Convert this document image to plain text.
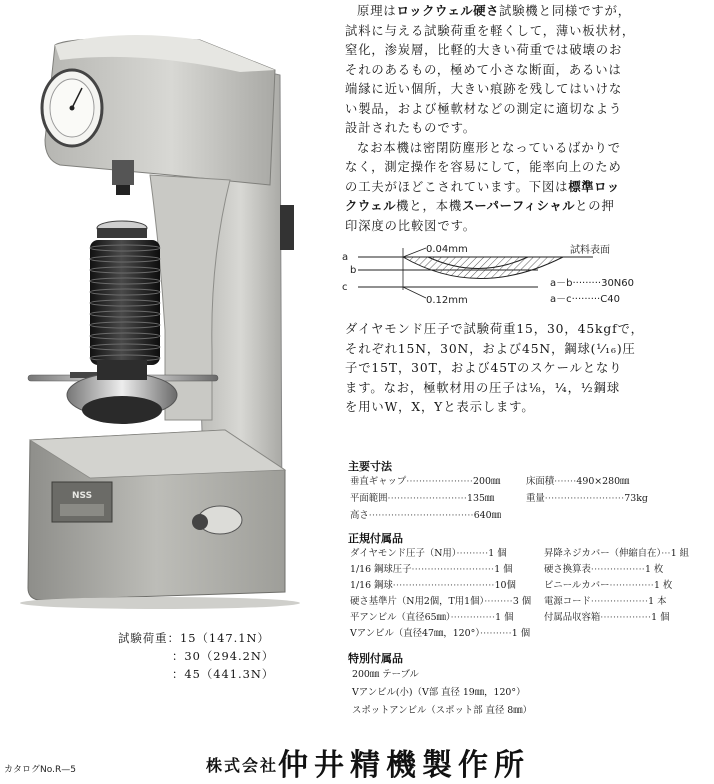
NSS
原理はロックウェル硬さ試験機と同様ですが，
試料に与える試験荷重を軽くして，薄い板状材，
窒化，渗炭層，比軽的大きい荷重では破壊のお
それのあるもの，極めて小さな断面，あるいは
端縁に近い個所，大きい痕跡を残してはいけな
い製品，および極軟材などの測定に適切なよう
設計されたものです。
なお本機は密閉防塵形となっているばかりで
なく，測定操作を容易にして，能率向上のため
の工夫がほどこされています。下図は標準ロッ
クウェル機と，本機スーパーフィシャルとの押
印深度の比較図です。
a
b
c
0.04mm
0.12mm
試料表面
a－b·········30N60
a－c·········C40
ダイヤモンド圧子で試験荷重15，30，45kgfで，
それぞれ15N，30N，および45N，鋼球(¹⁄₁₆)圧
子で15T，30T，および45Tのスケールとなり
ます。なお，極軟材用の圧子は⅛，¼，½鋼球
を用いW，X，Yと表示します。
主要寸法
垂直ギャップ·····················200㎜	床面積·······490×280㎜
平面範囲·························135㎜	重量·························73kg
高さ·································640㎜
正規付属品
ダイヤモンド圧子（N用）··········1 個	昇降ネジカバー（伸縮自在）···1 組
1/16 鋼球圧子··························1 個	硬さ換算表·················1 枚
1/16 鋼球································10個	ビニールカバー··············1 枚
硬さ基準片（N用2個，T用1個）·········3 個 電源コード··················1 本
平アンビル（直径65㎜）··············1 個	付属品収容箱················1 個
Vアンビル（直径47㎜，120°）··········1 個
特別付属品
200㎜ テーブル
Vアンビル(小)（V部 直径 19㎜，120°）
スポットアンビル（スポット部 直径 8㎜）
試験荷重：15（147.1N）
：30（294.2N）
：45（441.3N）
カタログNo.R—5	株式会社仲井精機製作所
